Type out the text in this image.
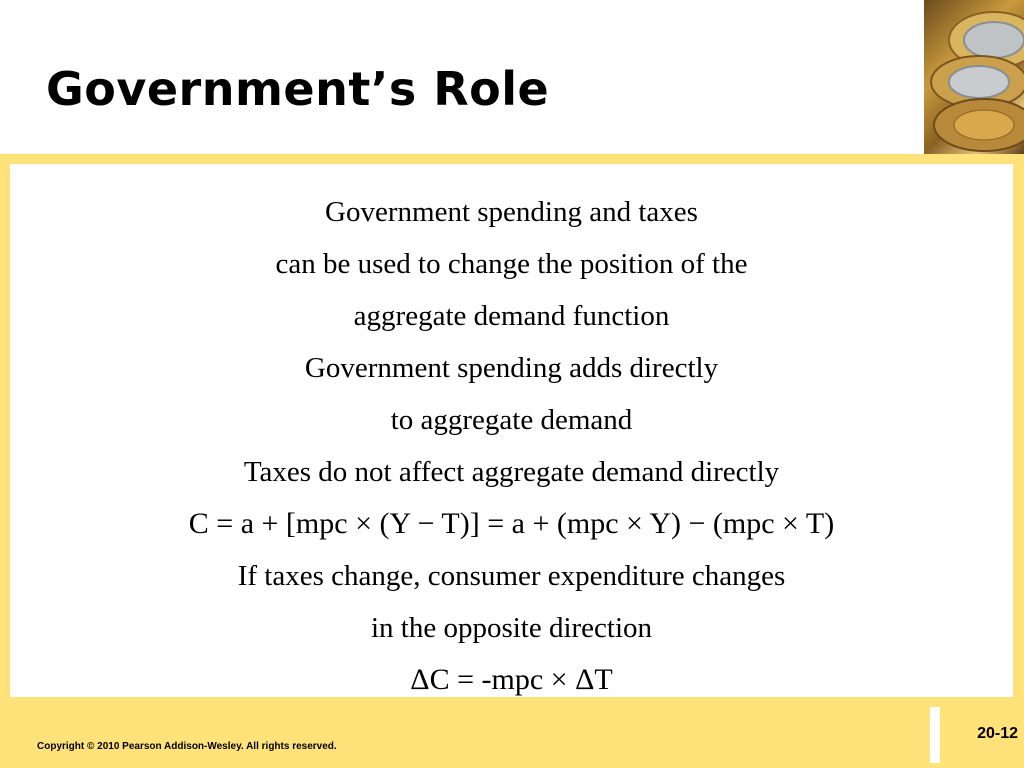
Government’s Role
Government spending and taxes
can be used to change the position of the
aggregate demand function
Government spending adds directly
to aggregate demand
Taxes do not affect aggregate demand directly
C = a + [mpc × (Y − T)] = a + (mpc × Y) − (mpc × T)
If taxes change, consumer expenditure changes
in the opposite direction
ΔC = -mpc × ΔT
Copyright © 2010 Pearson Addison-Wesley. All rights reserved.
20-12
